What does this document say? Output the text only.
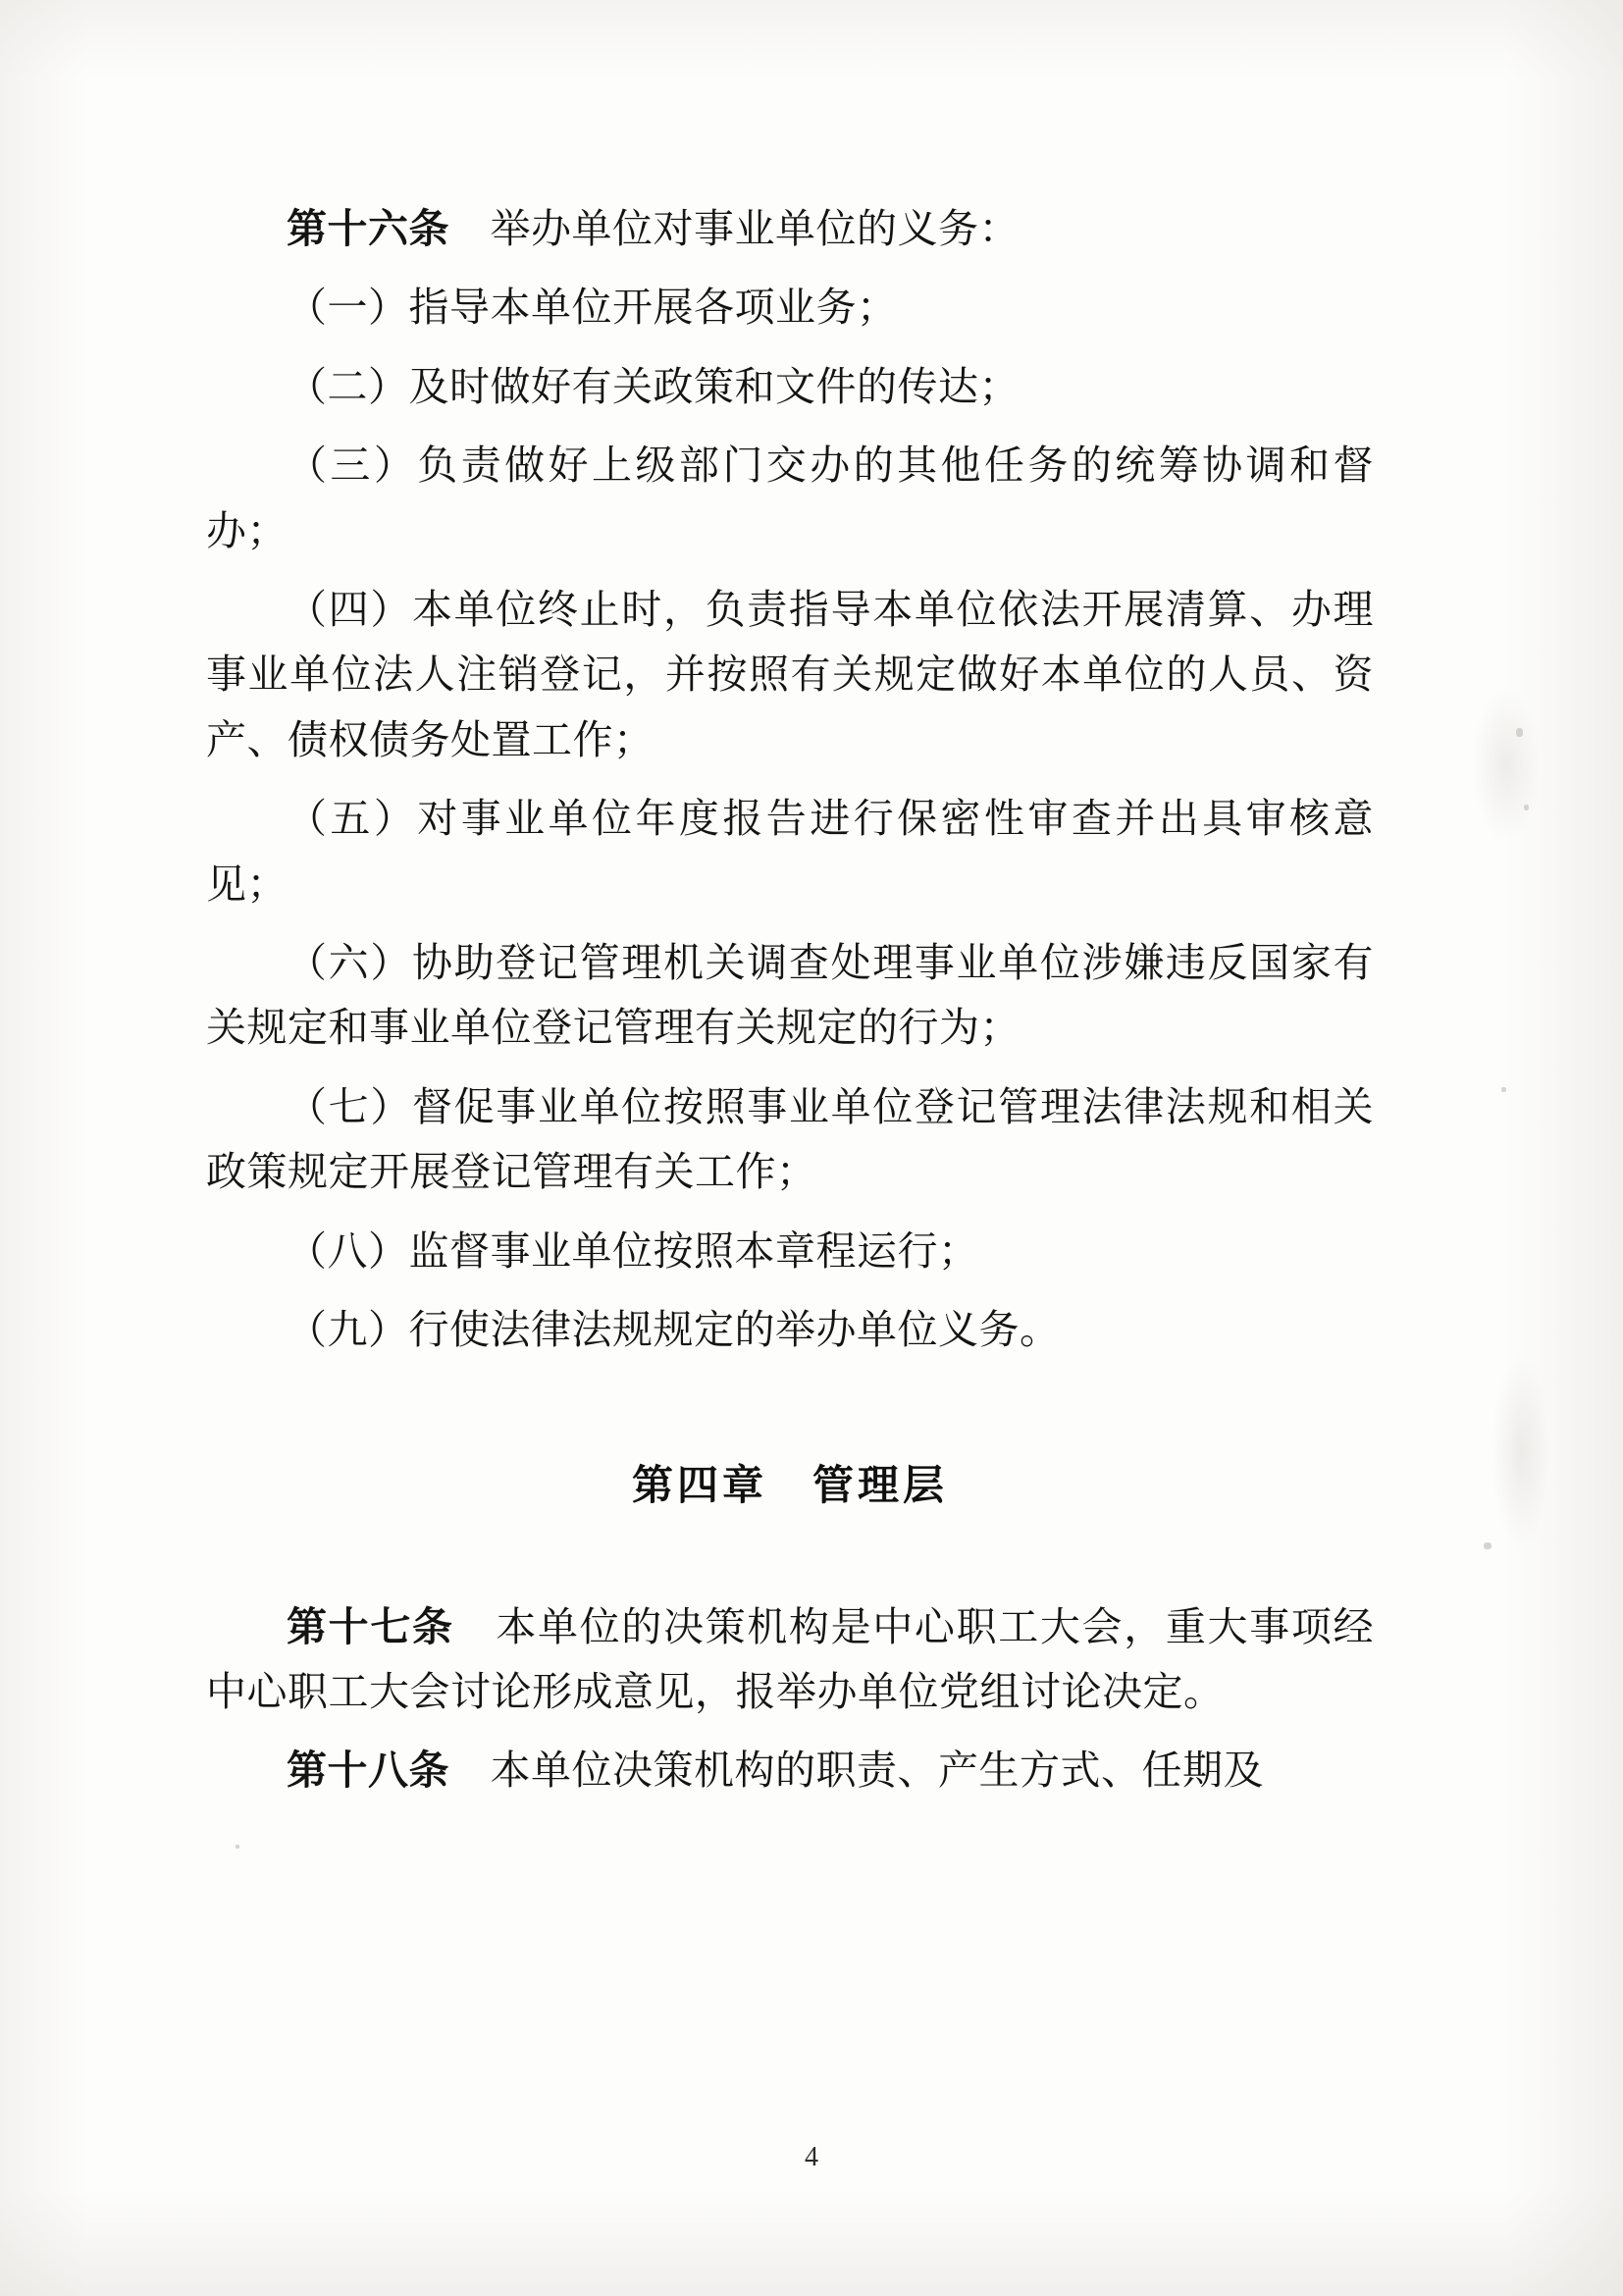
第十六条　 举办单位对事业单位的义务：

（一）指导本单位开展各项业务；

（二）及时做好有关政策和文件的传达；

（三）负责做好上级部门交办的其他任务的统筹协调和督办；

（四）本单位终止时，负责指导本单位依法开展清算、办理事业单位法人注销登记，并按照有关规定做好本单位的人员、资产、债权债务处置工作；

（五）对事业单位年度报告进行保密性审查并出具审核意见；

（六）协助登记管理机关调查处理事业单位涉嫌违反国家有关规定和事业单位登记管理有关规定的行为；

（七）督促事业单位按照事业单位登记管理法律法规和相关政策规定开展登记管理有关工作；

（八）监督事业单位按照本章程运行；

（九）行使法律法规规定的举办单位义务。

第四章　管理层

第十七条　 本单位的决策机构是中心职工大会，重大事项经中心职工大会讨论形成意见，报举办单位党组讨论决定。

第十八条　 本单位决策机构的职责、产生方式、任期及

4
